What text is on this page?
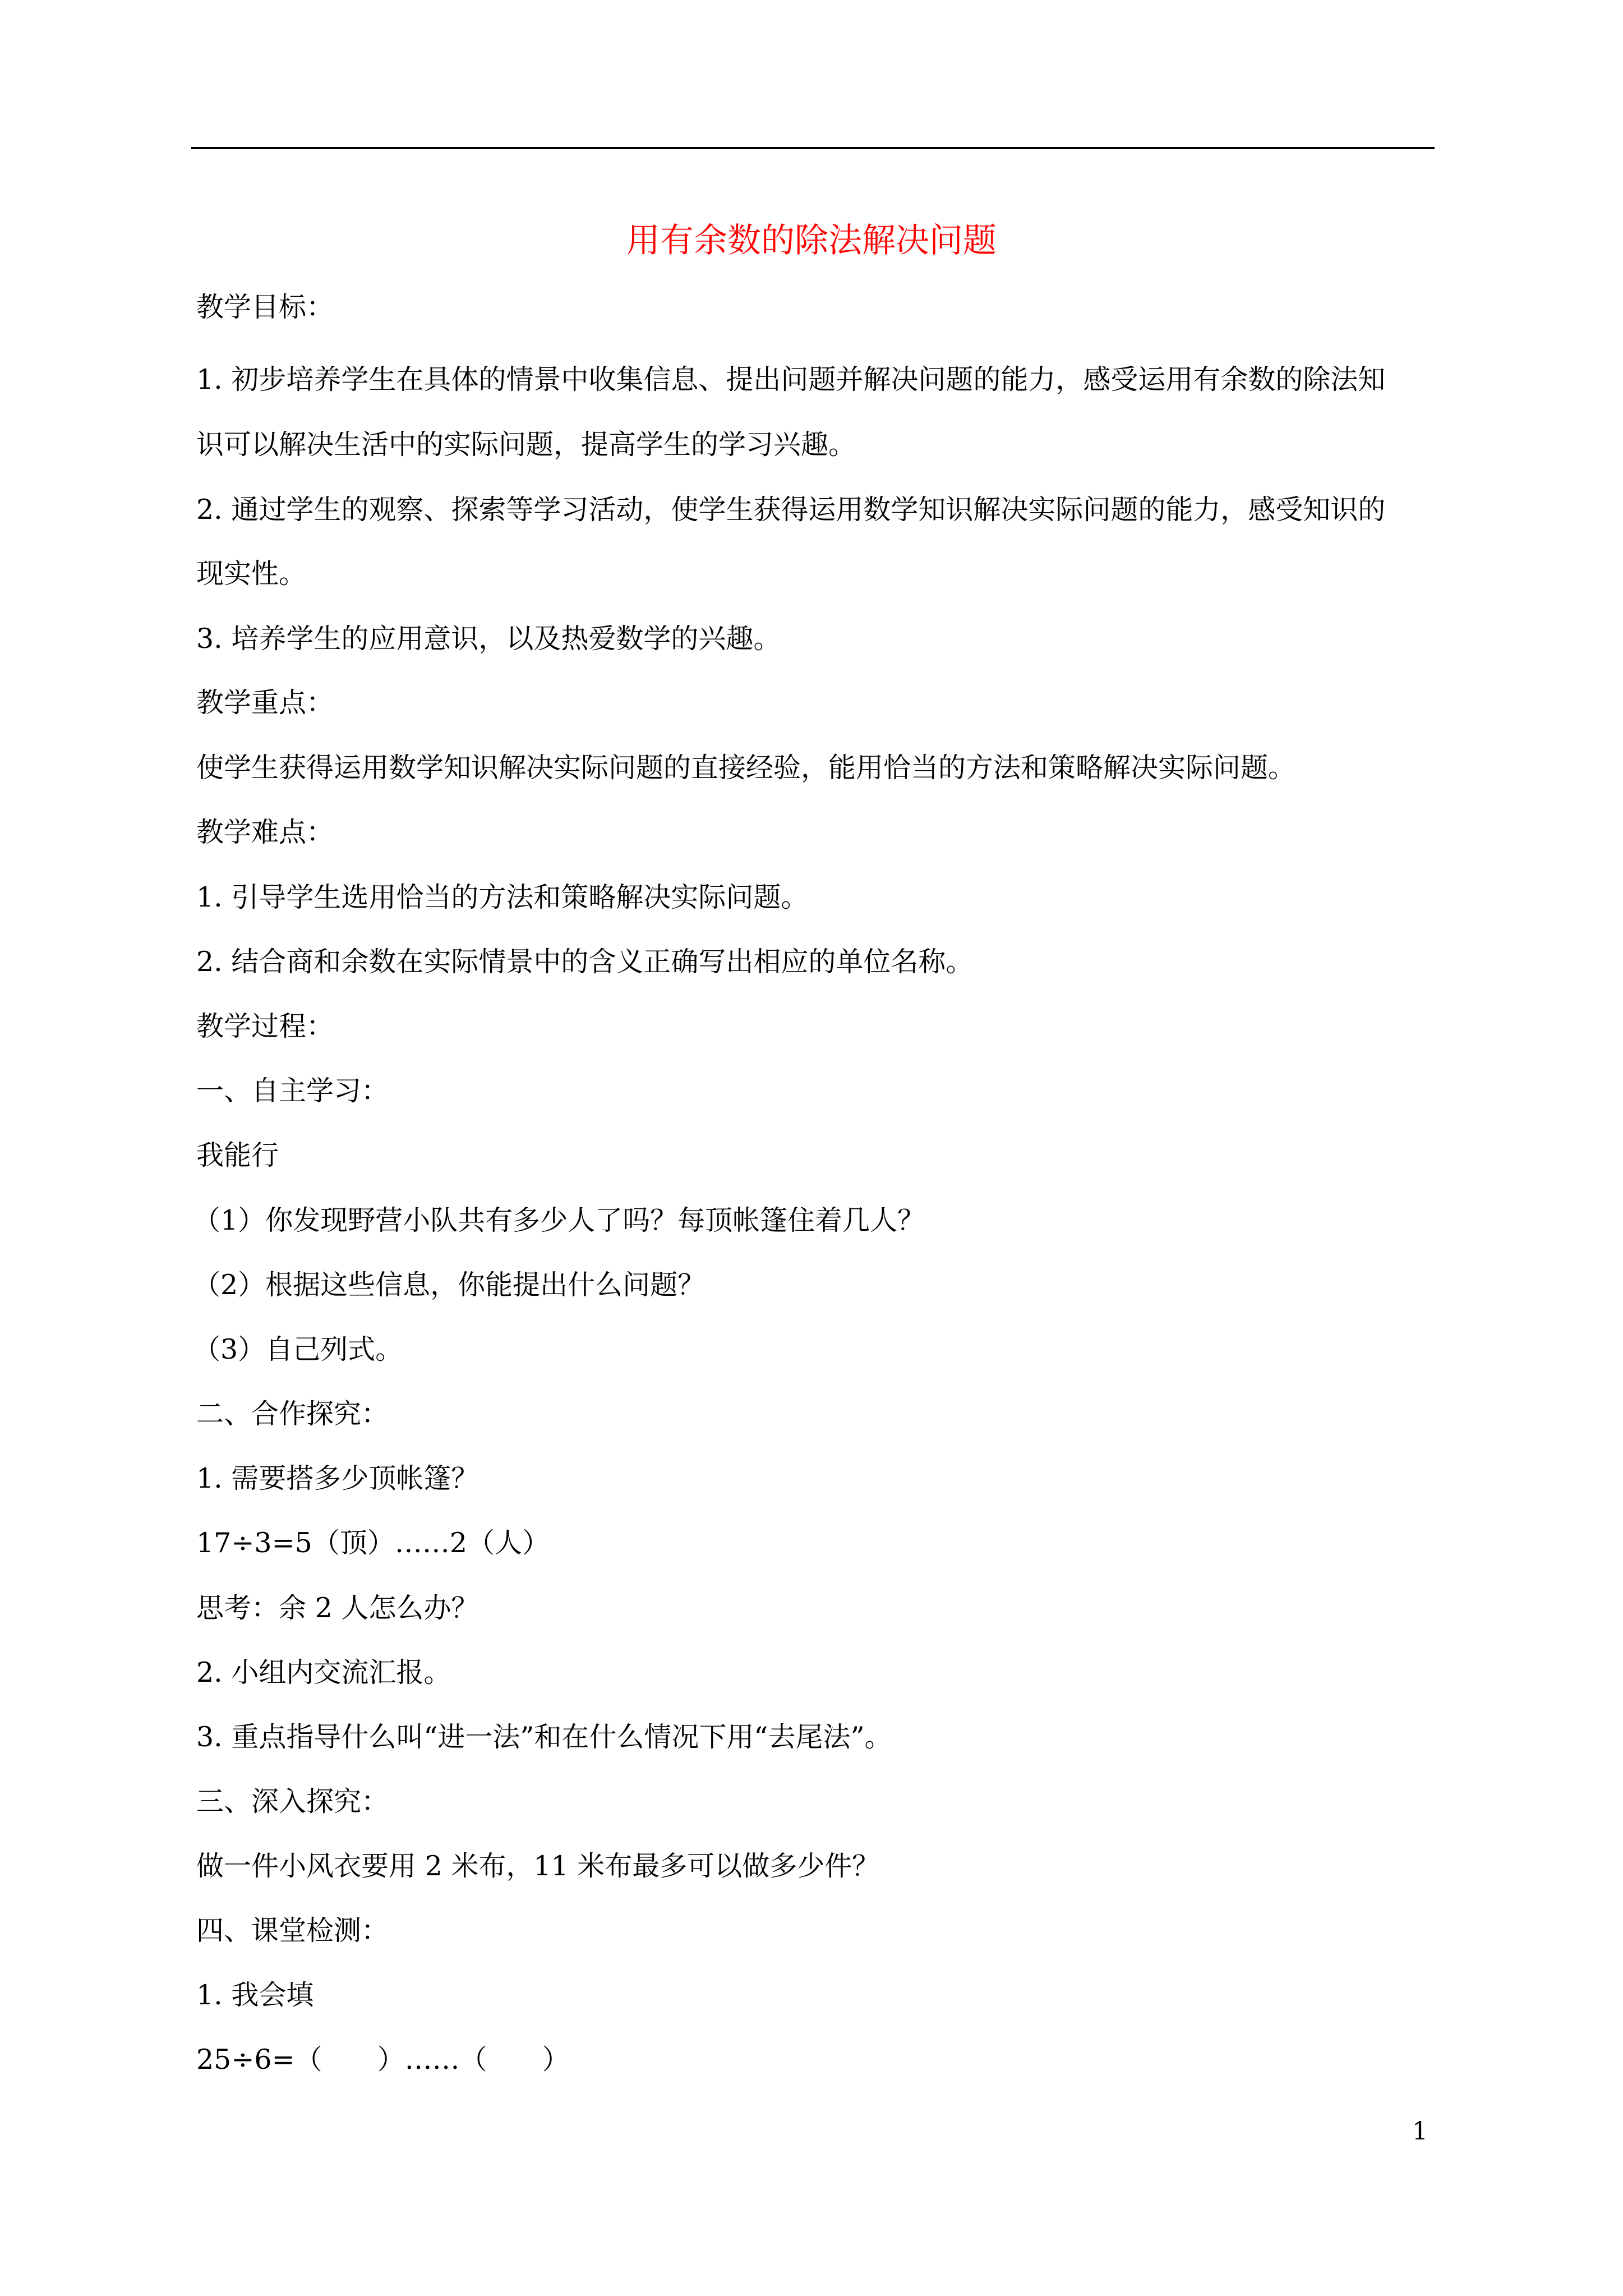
用有余数的除法解决问题
教学目标：
1. 初步培养学生在具体的情景中收集信息、提出问题并解决问题的能力，感受运用有余数的除法知
识可以解决生活中的实际问题，提高学生的学习兴趣。
2. 通过学生的观察、探索等学习活动，使学生获得运用数学知识解决实际问题的能力，感受知识的
现实性。
3. 培养学生的应用意识，以及热爱数学的兴趣。
教学重点：
使学生获得运用数学知识解决实际问题的直接经验，能用恰当的方法和策略解决实际问题。
教学难点：
1. 引导学生选用恰当的方法和策略解决实际问题。
2. 结合商和余数在实际情景中的含义正确写出相应的单位名称。
教学过程：
一、自主学习：
我能行
（1）你发现野营小队共有多少人了吗？每顶帐篷住着几人？
（2）根据这些信息，你能提出什么问题？
（3）自己列式。
二、合作探究：
1. 需要搭多少顶帐篷？
17÷3=5（顶）……2（人）
思考：余 2 人怎么办？
2. 小组内交流汇报。
3. 重点指导什么叫“进一法”和在什么情况下用“去尾法”。
三、深入探究：
做一件小风衣要用 2 米布，11 米布最多可以做多少件？
四、课堂检测：
1. 我会填
25÷6=（　　）……（　　）
1
